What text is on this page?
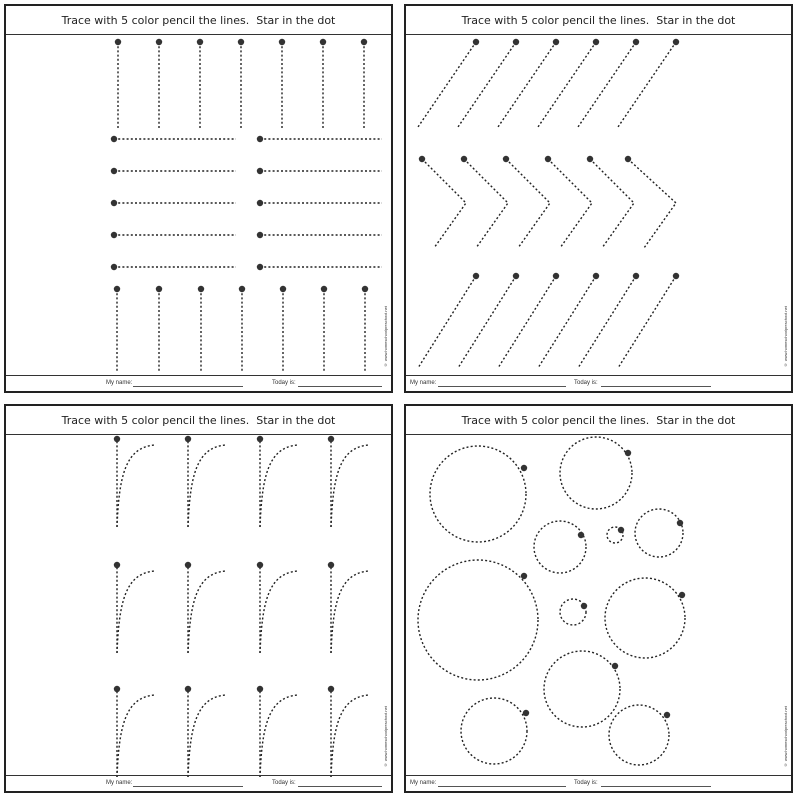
Trace with 5 color pencil the lines.  Star in the dot
© www.homeschoolpreschool.net
My name:	Today is:
Trace with 5 color pencil the lines.  Star in the dot
© www.homeschoolpreschool.net
My name:	Today is:
Trace with 5 color pencil the lines.  Star in the dot
© www.homeschoolpreschool.net
My name:	Today is:
Trace with 5 color pencil the lines.  Star in the dot
© www.homeschoolpreschool.net
My name:	Today is:
